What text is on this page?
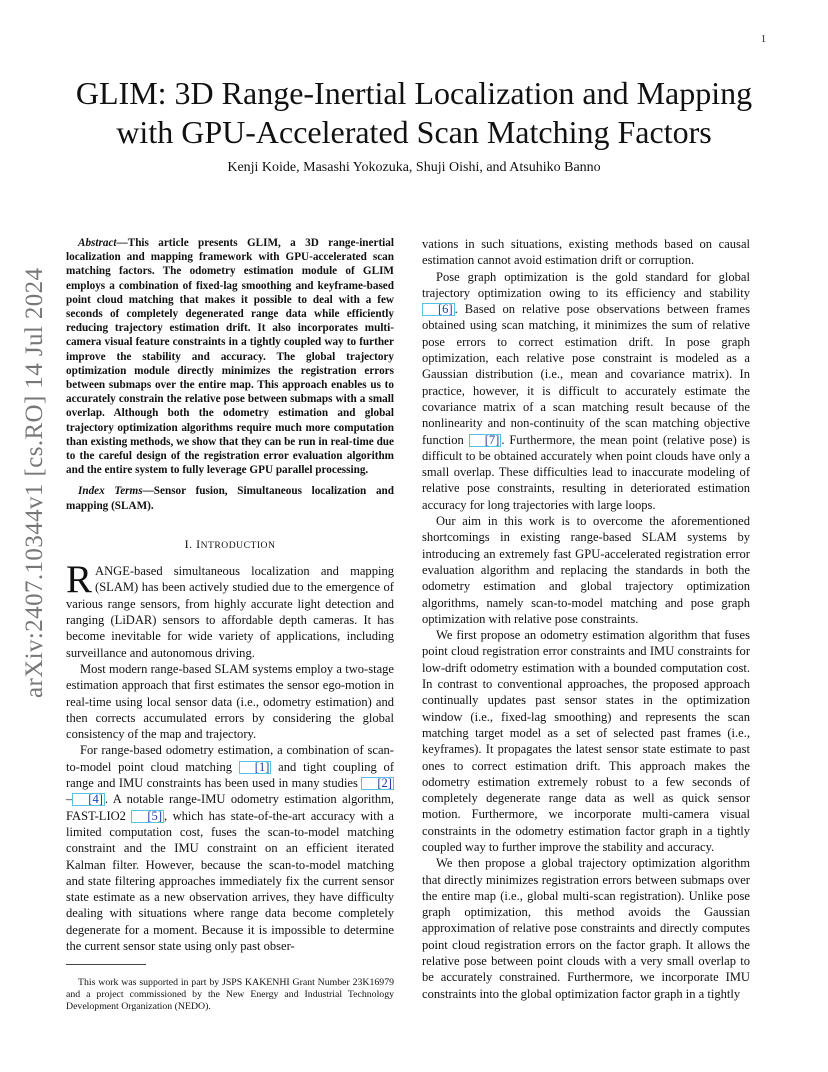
1
arXiv:2407.10344v1 [cs.RO] 14 Jul 2024
GLIM: 3D Range-Inertial Localization and Mapping with GPU-Accelerated Scan Matching Factors
Kenji Koide, Masashi Yokozuka, Shuji Oishi, and Atsuhiko Banno

Abstract—This article presents GLIM, a 3D range-inertial localization and mapping framework with GPU-accelerated scan matching factors. The odometry estimation module of GLIM employs a combination of fixed-lag smoothing and keyframe-based point cloud matching that makes it possible to deal with a few seconds of completely degenerated range data while efficiently reducing trajectory estimation drift. It also incorporates multi-camera visual feature constraints in a tightly coupled way to further improve the stability and accuracy. The global trajectory optimization module directly minimizes the registration errors between submaps over the entire map. This approach enables us to accurately constrain the relative pose between submaps with a small overlap. Although both the odometry estimation and global trajectory optimization algorithms require much more computation than existing methods, we show that they can be run in real-time due to the careful design of the registration error evaluation algorithm and the entire system to fully leverage GPU parallel processing.

Index Terms—Sensor fusion, Simultaneous localization and mapping (SLAM).

I. INTRODUCTION

RANGE-based simultaneous localization and mapping (SLAM) has been actively studied due to the emergence of various range sensors, from highly accurate light detection and ranging (LiDAR) sensors to affordable depth cameras. It has become inevitable for wide variety of applications, including surveillance and autonomous driving.

Most modern range-based SLAM systems employ a two-stage estimation approach that first estimates the sensor ego-motion in real-time using local sensor data (i.e., odometry estimation) and then corrects accumulated errors by considering the global consistency of the map and trajectory.

For range-based odometry estimation, a combination of scan-to-model point cloud matching [1] and tight coupling of range and IMU constraints has been used in many studies [2]– [4] . A notable range-IMU odometry estimation algorithm, FAST-LIO2 [5] , which has state-of-the-art accuracy with a limited computation cost, fuses the scan-to-model matching constraint and the IMU constraint on an efficient iterated Kalman filter. However, because the scan-to-model matching and state filtering approaches immediately fix the current sensor state estimate as a new observation arrives, they have difficulty dealing with situations where range data become completely degenerate for a moment. Because it is impossible to determine the current sensor state using only past obser-

vations in such situations, existing methods based on causal estimation cannot avoid estimation drift or corruption.

Pose graph optimization is the gold standard for global trajectory optimization owing to its efficiency and stability [6] . Based on relative pose observations between frames obtained using scan matching, it minimizes the sum of relative pose errors to correct estimation drift. In pose graph optimization, each relative pose constraint is modeled as a Gaussian distribution (i.e., mean and covariance matrix). In practice, however, it is difficult to accurately estimate the covariance matrix of a scan matching result because of the nonlinearity and non-continuity of the scan matching objective function [7] . Furthermore, the mean point (relative pose) is difficult to be obtained accurately when point clouds have only a small overlap. These difficulties lead to inaccurate modeling of relative pose constraints, resulting in deteriorated estimation accuracy for long trajectories with large loops.

Our aim in this work is to overcome the aforementioned shortcomings in existing range-based SLAM systems by introducing an extremely fast GPU-accelerated registration error evaluation algorithm and replacing the standards in both the odometry estimation and global trajectory optimization algorithms, namely scan-to-model matching and pose graph optimization with relative pose constraints.

We first propose an odometry estimation algorithm that fuses point cloud registration error constraints and IMU constraints for low-drift odometry estimation with a bounded computation cost. In contrast to conventional approaches, the proposed approach continually updates past sensor states in the optimization window (i.e., fixed-lag smoothing) and represents the scan matching target model as a set of selected past frames (i.e., keyframes). It propagates the latest sensor state estimate to past ones to correct estimation drift. This approach makes the odometry estimation extremely robust to a few seconds of completely degenerate range data as well as quick sensor motion. Furthermore, we incorporate multi-camera visual constraints in the odometry estimation factor graph in a tightly coupled way to further improve the stability and accuracy.

We then propose a global trajectory optimization algorithm that directly minimizes registration errors between submaps over the entire map (i.e., global multi-scan registration). Unlike pose graph optimization, this method avoids the Gaussian approximation of relative pose constraints and directly computes point cloud registration errors on the factor graph. It allows the relative pose between point clouds with a very small overlap to be accurately constrained. Furthermore, we incorporate IMU constraints into the global optimization factor graph in a tightly

This work was supported in part by JSPS KAKENHI Grant Number 23K16979 and a project commissioned by the New Energy and Industrial Technology Development Organization (NEDO).
